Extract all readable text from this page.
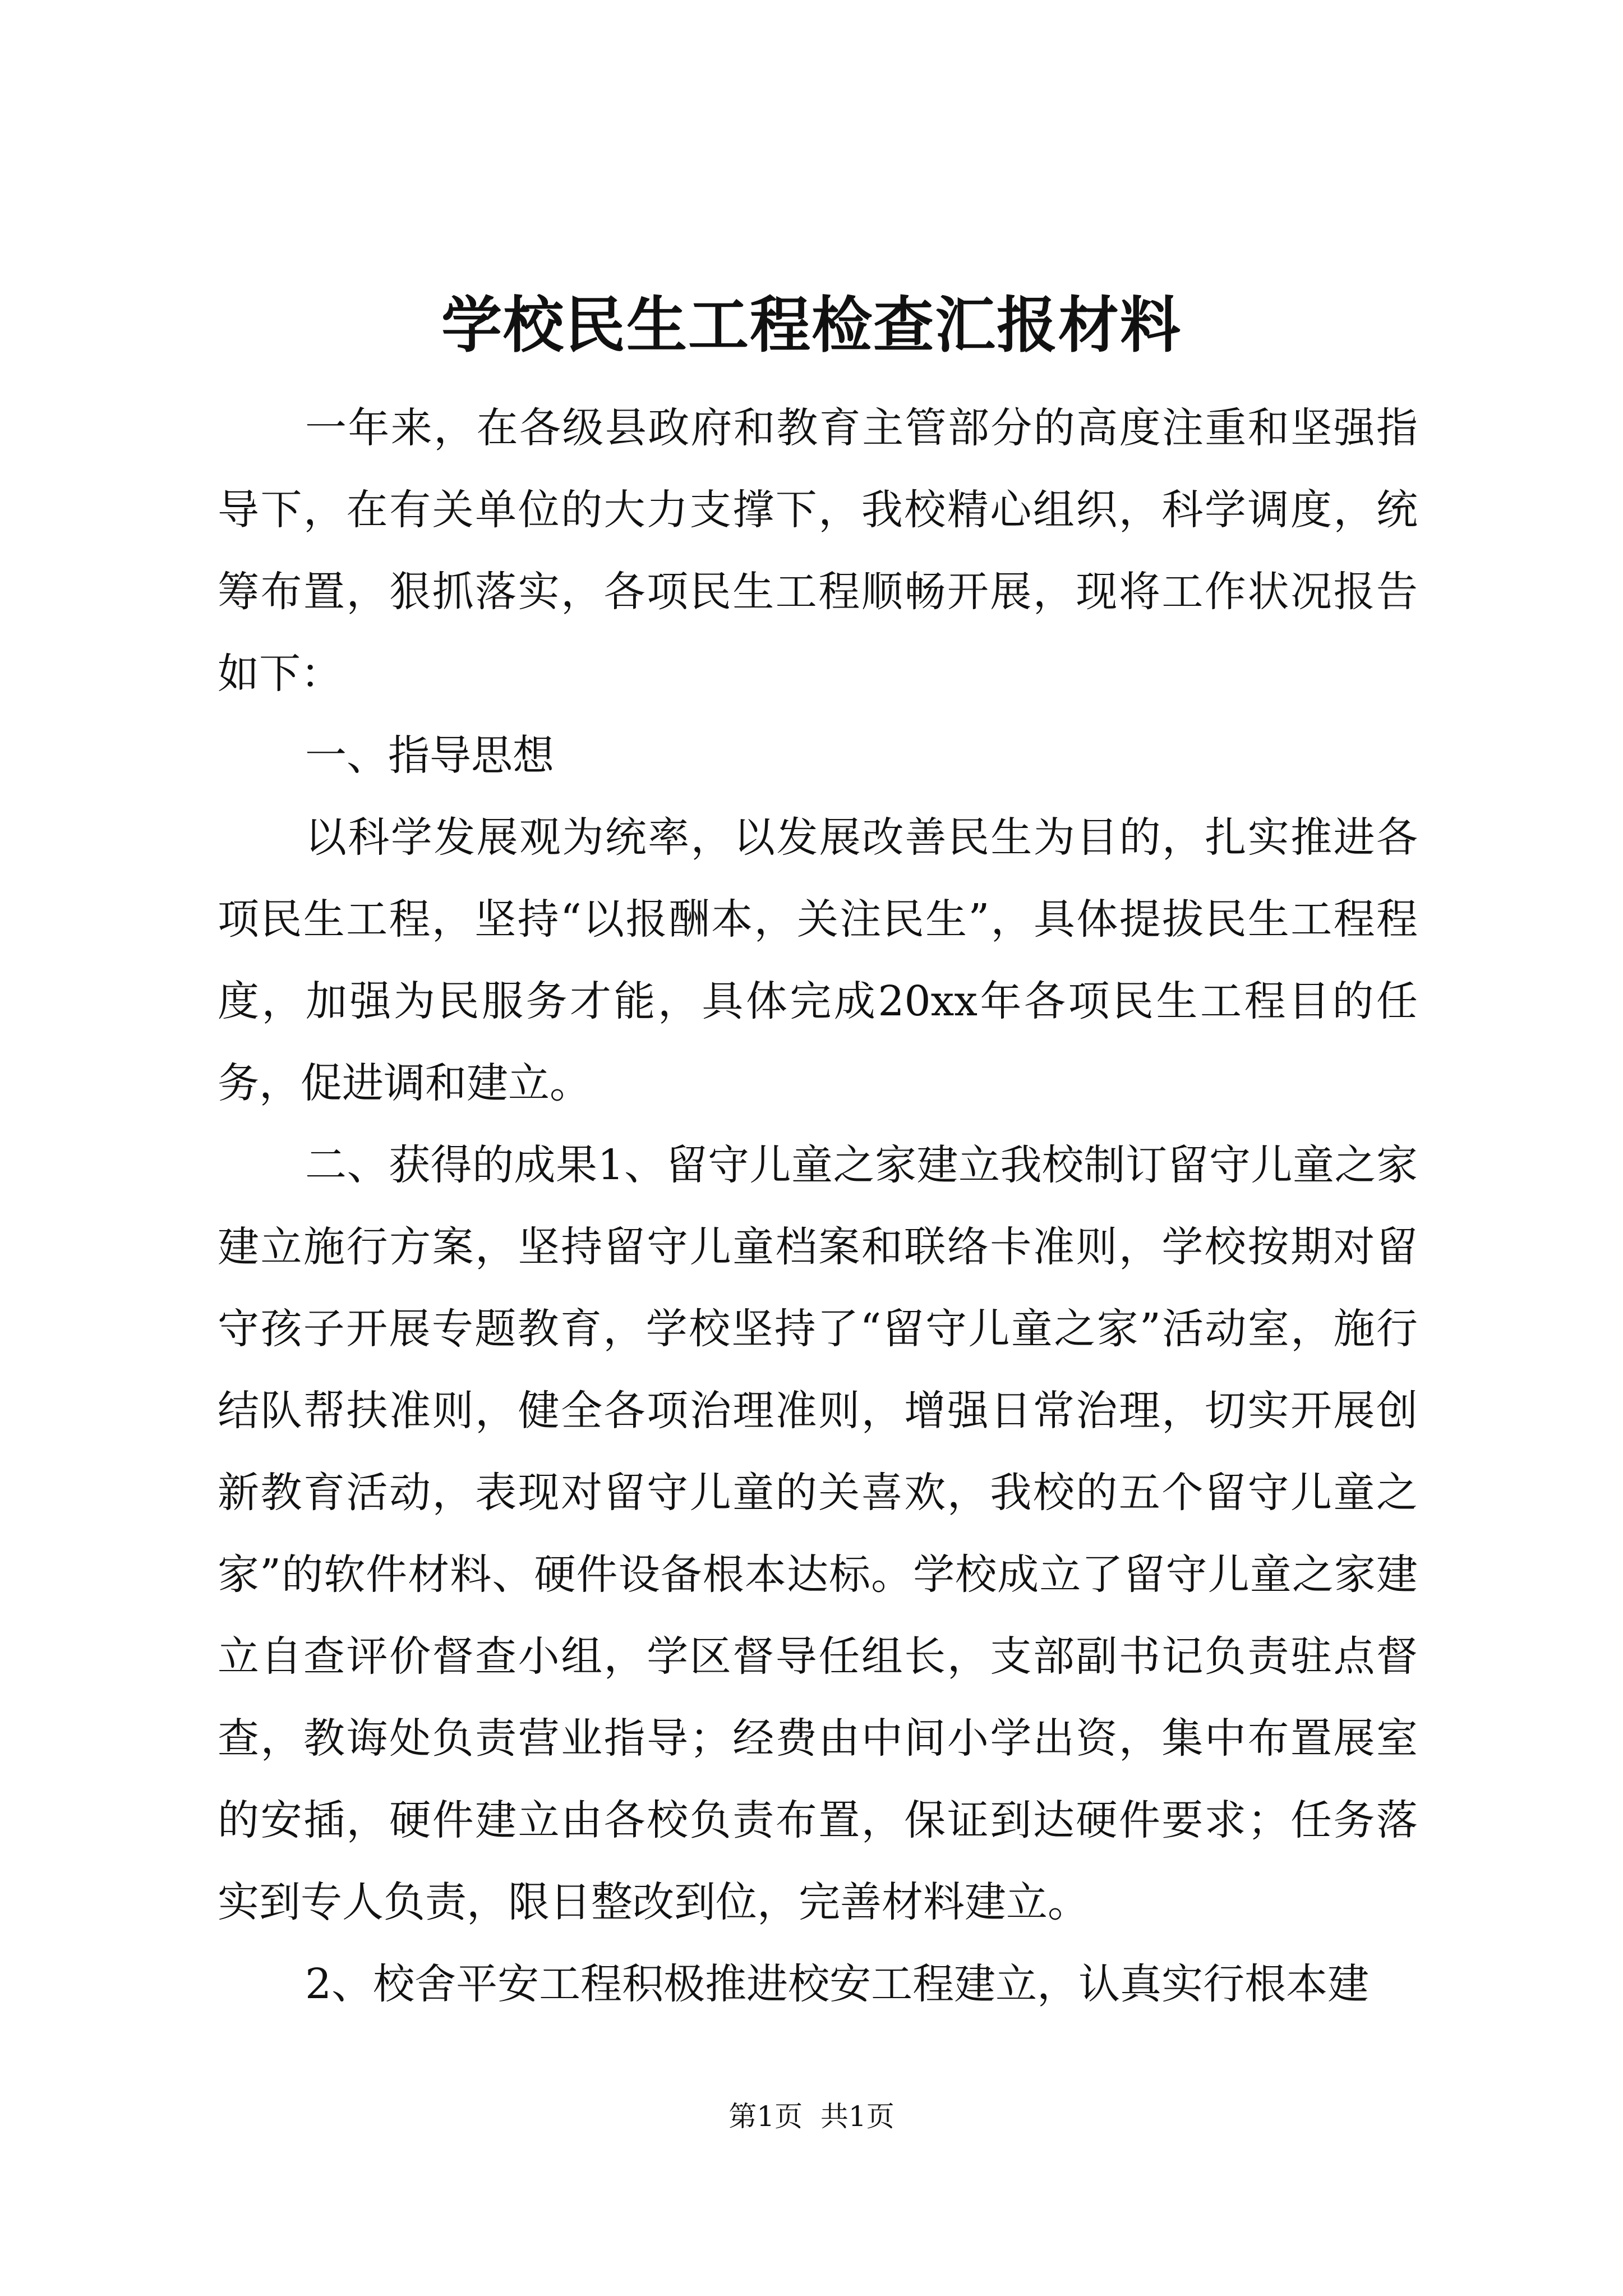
学校民生工程检查汇报材料

一年来，在各级县政府和教育主管部分的高度注重和坚强指导下，在有关单位的大力支撑下，我校精心组织，科学调度，统筹布置，狠抓落实，各项民生工程顺畅开展，现将工作状况报告如下：

一、指导思想

以科学发展观为统率，以发展改善民生为目的，扎实推进各项民生工程，坚持“以报酬本，关注民生”，具体提拔民生工程程度，加强为民服务才能，具体完成20xx年各项民生工程目的任务，促进调和建立。

二、获得的成果1、留守儿童之家建立我校制订留守儿童之家建立施行方案，坚持留守儿童档案和联络卡准则，学校按期对留守孩子开展专题教育，学校坚持了“留守儿童之家”活动室，施行结队帮扶准则，健全各项治理准则，增强日常治理，切实开展创新教育活动，表现对留守儿童的关喜欢，我校的五个留守儿童之家”的软件材料、硬件设备根本达标。学校成立了留守儿童之家建立自查评价督查小组，学区督导任组长，支部副书记负责驻点督查，教诲处负责营业指导；经费由中间小学出资，集中布置展室的安插，硬件建立由各校负责布置，保证到达硬件要求；任务落实到专人负责，限日整改到位，完善材料建立。

2、校舍平安工程积极推进校安工程建立，认真实行根本建

第1页  共1页
